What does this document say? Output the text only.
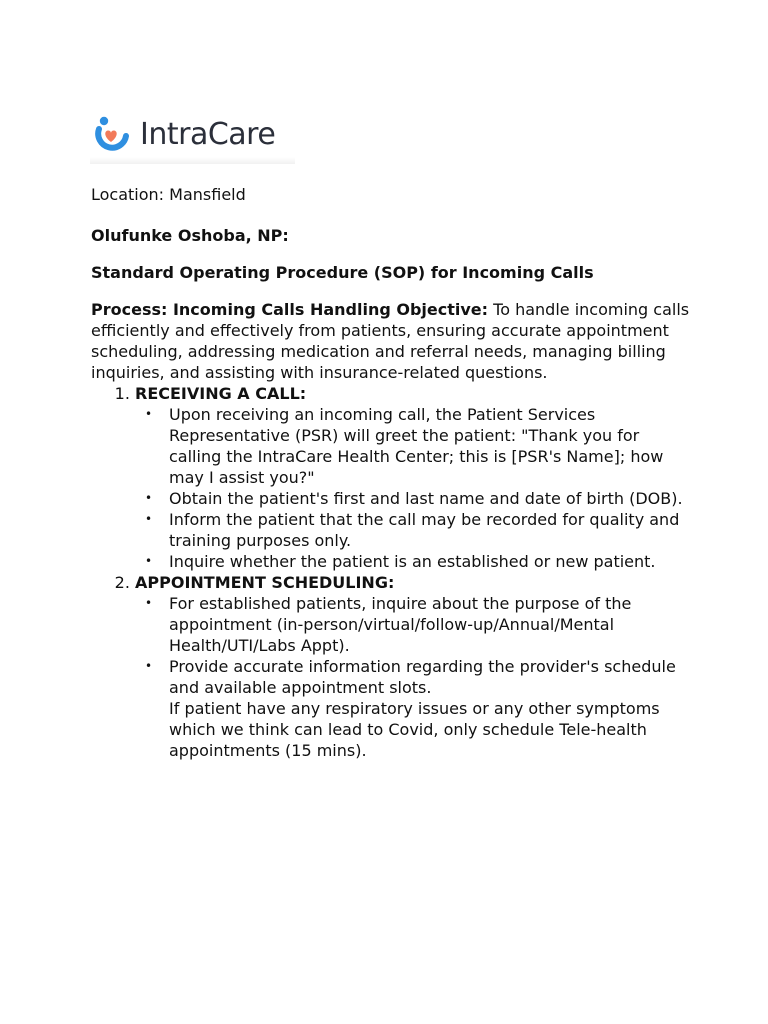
IntraCare

Location: Mansfield

Olufunke Oshoba, NP:

Standard Operating Procedure (SOP) for Incoming Calls

Process: Incoming Calls Handling Objective: To handle incoming calls efficiently and effectively from patients, ensuring accurate appointment scheduling, addressing medication and referral needs, managing billing inquiries, and assisting with insurance-related questions.

1. RECEIVING A CALL:
• Upon receiving an incoming call, the Patient Services Representative (PSR) will greet the patient: "Thank you for calling the IntraCare Health Center; this is [PSR's Name]; how may I assist you?"
• Obtain the patient's first and last name and date of birth (DOB).
• Inform the patient that the call may be recorded for quality and training purposes only.
• Inquire whether the patient is an established or new patient.
2. APPOINTMENT SCHEDULING:
• For established patients, inquire about the purpose of the appointment (in-person/virtual/follow-up/Annual/Mental Health/UTI/Labs Appt).
• Provide accurate information regarding the provider's schedule and available appointment slots.
If patient have any respiratory issues or any other symptoms which we think can lead to Covid, only schedule Tele-health appointments (15 mins).
